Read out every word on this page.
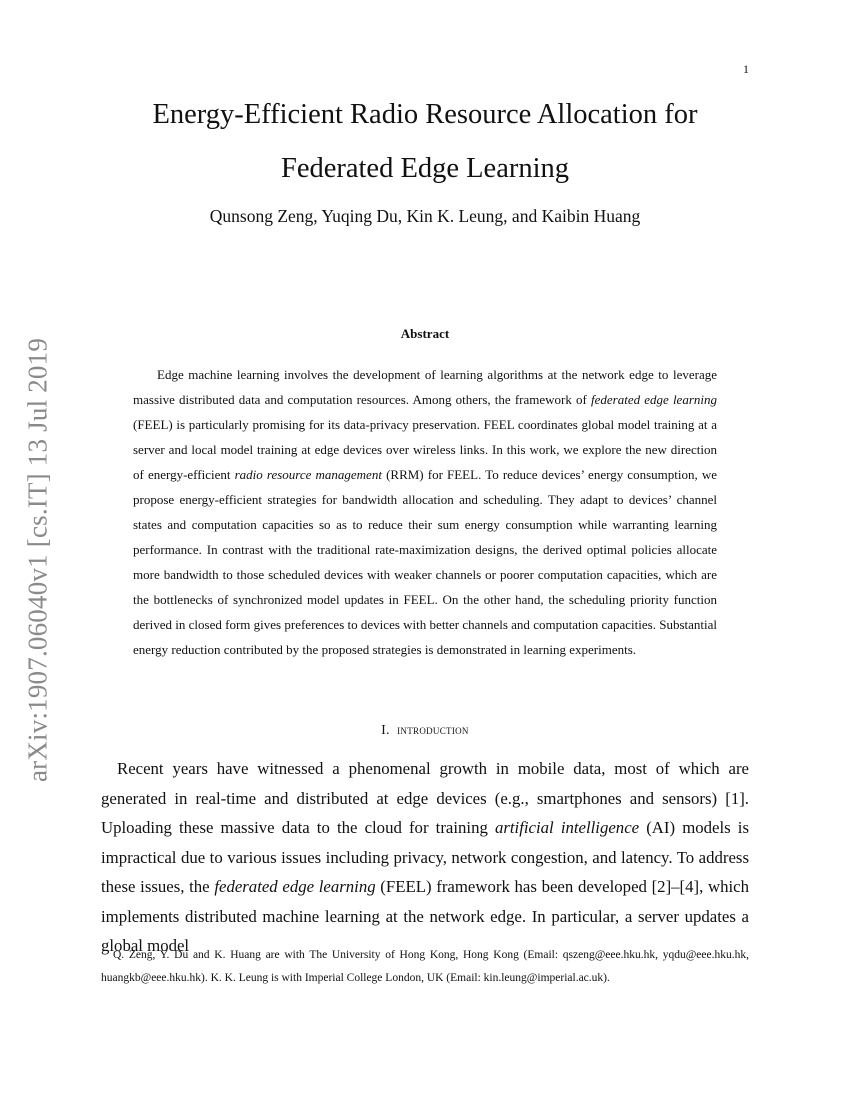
1
arXiv:1907.06040v1 [cs.IT] 13 Jul 2019
Energy-Efficient Radio Resource Allocation for
Federated Edge Learning
Qunsong Zeng, Yuqing Du, Kin K. Leung, and Kaibin Huang
Abstract

Edge machine learning involves the development of learning algorithms at the network edge to leverage massive distributed data and computation resources. Among others, the framework of federated edge learning (FEEL) is particularly promising for its data-privacy preservation. FEEL coordinates global model training at a server and local model training at edge devices over wireless links. In this work, we explore the new direction of energy-efficient radio resource management (RRM) for FEEL. To reduce devices’ energy consumption, we propose energy-efficient strategies for bandwidth allocation and scheduling. They adapt to devices’ channel states and computation capacities so as to reduce their sum energy consumption while warranting learning performance. In contrast with the traditional rate-maximization designs, the derived optimal policies allocate more bandwidth to those scheduled devices with weaker channels or poorer computation capacities, which are the bottlenecks of synchronized model updates in FEEL. On the other hand, the scheduling priority function derived in closed form gives preferences to devices with better channels and computation capacities. Substantial energy reduction contributed by the proposed strategies is demonstrated in learning experiments.

I. introduction

Recent years have witnessed a phenomenal growth in mobile data, most of which are generated in real-time and distributed at edge devices (e.g., smartphones and sensors) [1]. Uploading these massive data to the cloud for training artificial intelligence (AI) models is impractical due to various issues including privacy, network congestion, and latency. To address these issues, the federated edge learning (FEEL) framework has been developed [2]–[4], which implements distributed machine learning at the network edge. In particular, a server updates a global model

Q. Zeng, Y. Du and K. Huang are with The University of Hong Kong, Hong Kong (Email: qszeng@eee.hku.hk, yqdu@eee.hku.hk, huangkb@eee.hku.hk). K. K. Leung is with Imperial College London, UK (Email: kin.leung@imperial.ac.uk).
